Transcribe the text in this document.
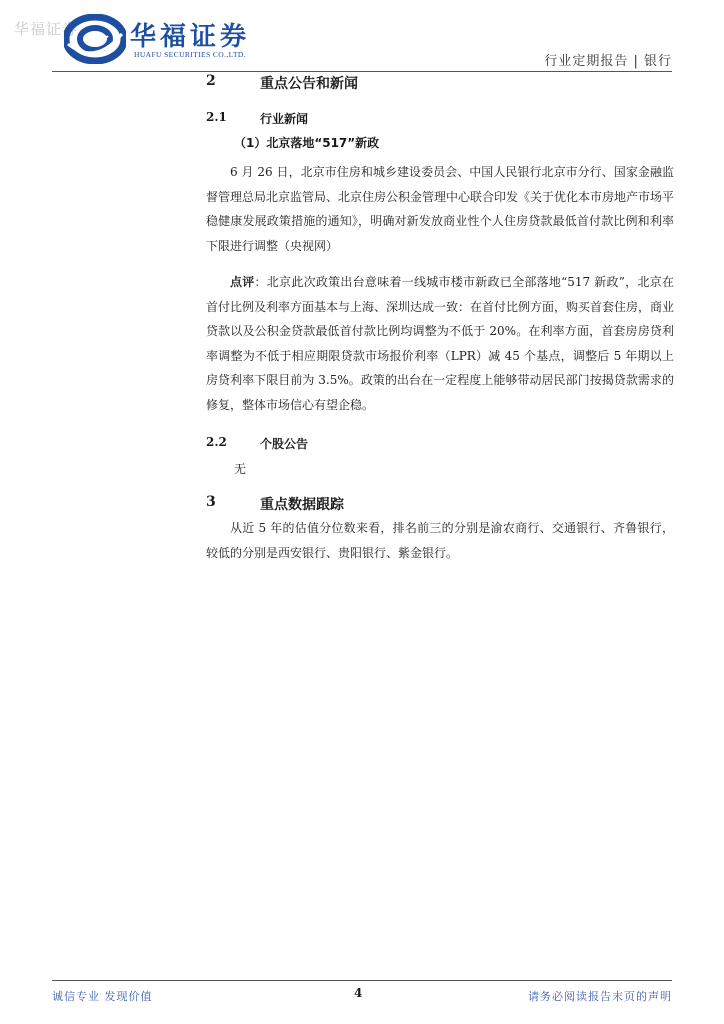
华福证券 华福证券
HUAFU SECURITIES CO.,LTD.	行业定期报告 | 银行
2	重点公告和新闻
2.1	行业新闻
（1）北京落地“517”新政
6 月 26 日，北京市住房和城乡建设委员会、中国人民银行北京市分行、国家金融监督管理总局北京监管局、北京住房公积金管理中心联合印发《关于优化本市房地产市场平稳健康发展政策措施的通知》，明确对新发放商业性个人住房贷款最低首付款比例和利率下限进行调整（央视网）
点评：北京此次政策出台意味着一线城市楼市新政已全部落地“517 新政”，北京在首付比例及利率方面基本与上海、深圳达成一致：在首付比例方面，购买首套住房，商业贷款以及公积金贷款最低首付款比例均调整为不低于 20%。在利率方面，首套房房贷利率调整为不低于相应期限贷款市场报价利率（LPR）减 45 个基点，调整后 5 年期以上房贷利率下限目前为 3.5%。政策的出台在一定程度上能够带动居民部门按揭贷款需求的修复，整体市场信心有望企稳。
2.2	个股公告
无
3	重点数据跟踪
从近 5 年的估值分位数来看，排名前三的分别是渝农商行、交通银行、齐鲁银行，较低的分别是西安银行、贵阳银行、紫金银行。
诚信专业 发现价值	4	请务必阅读报告末页的声明
